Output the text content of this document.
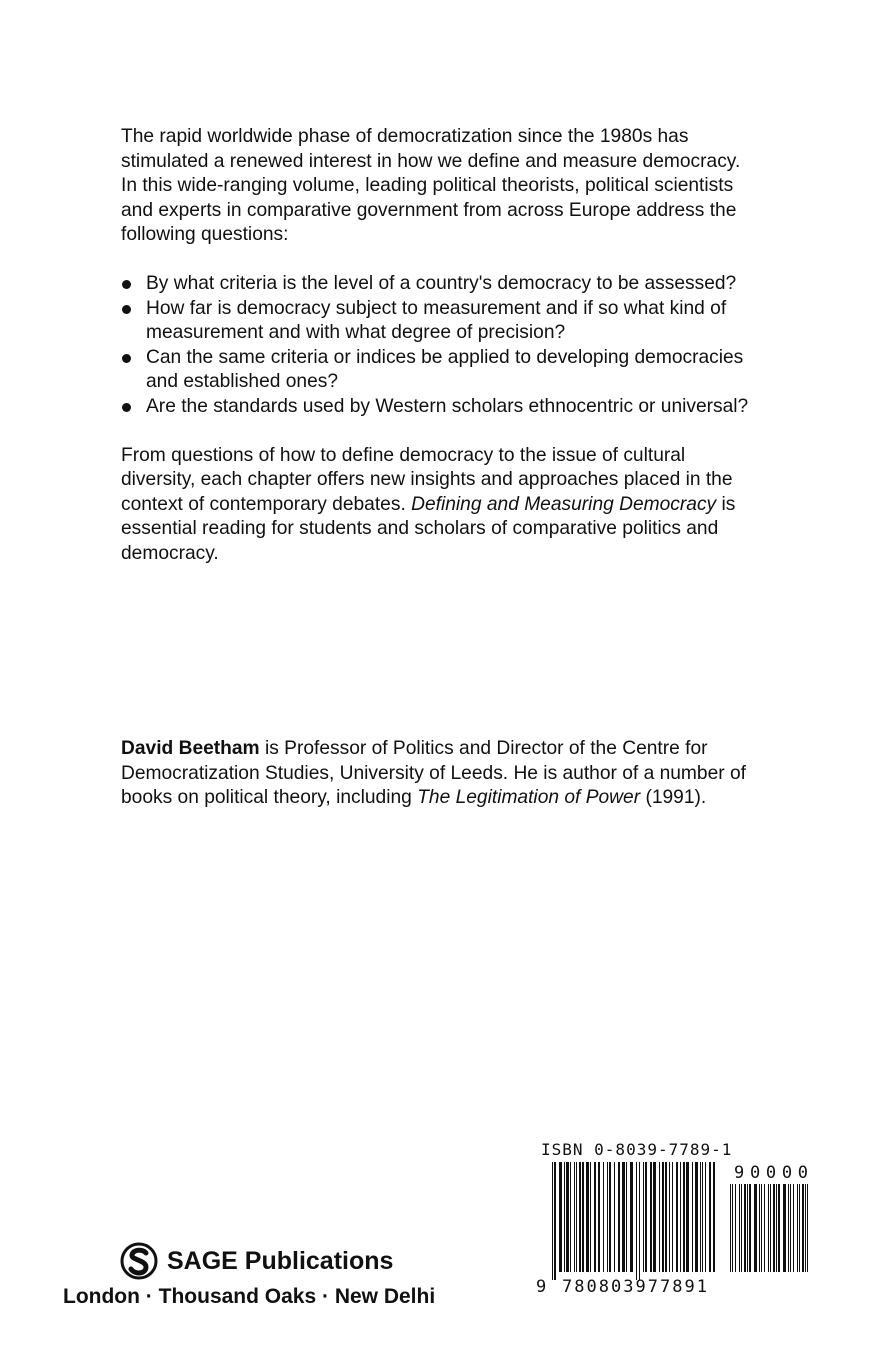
The rapid worldwide phase of democratization since the 1980s has stimulated a renewed interest in how we define and measure democracy. In this wide-ranging volume, leading political theorists, political scientists and experts in comparative government from across Europe address the following questions:

By what criteria is the level of a country's democracy to be assessed?
How far is democracy subject to measurement and if so what kind of measurement and with what degree of precision?
Can the same criteria or indices be applied to developing democracies and established ones?
Are the standards used by Western scholars ethnocentric or universal?

From questions of how to define democracy to the issue of cultural diversity, each chapter offers new insights and approaches placed in the context of contemporary debates. Defining and Measuring Democracy is essential reading for students and scholars of comparative politics and democracy.

David Beetham is Professor of Politics and Director of the Centre for Democratization Studies, University of Leeds. He is author of a number of books on political theory, including The Legitimation of Power (1991).

SAGE Publications
London · Thousand Oaks · New Delhi
ISBN 0-8039-7789-1
9 780803977891
90000
